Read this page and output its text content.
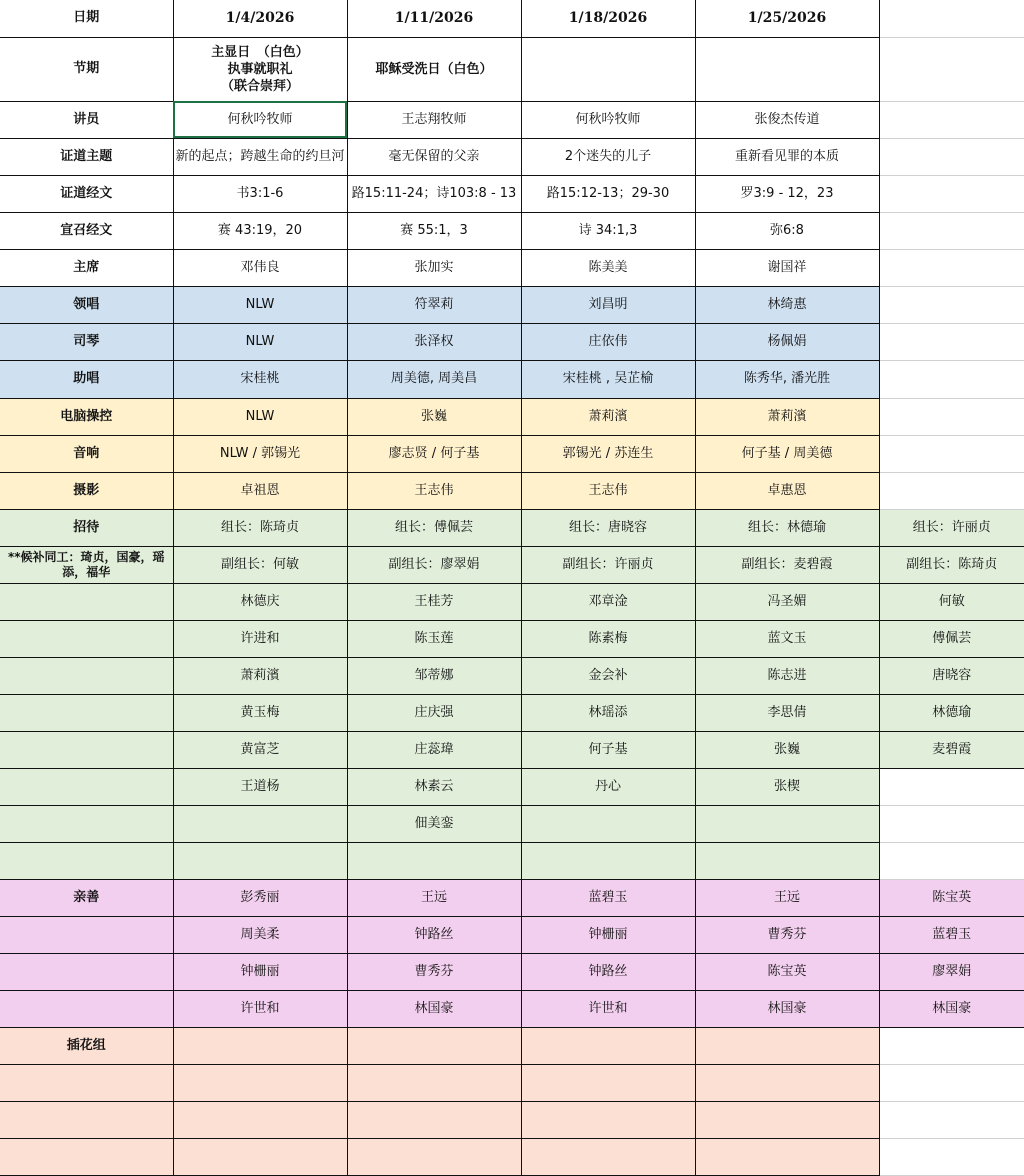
日期	1/4/2026	1/11/2026	1/18/2026	1/25/2026	
节期	主显日　（白色）
执事就职礼
（联合崇拜）	耶稣受洗日（白色）			

讲员	何秋吟牧师	王志翔牧师	何秋吟牧师	张俊杰传道	
证道主题	新的起点；跨越生命的约旦河	毫无保留的父亲	2个迷失的儿子	重新看见罪的本质	
证道经文	书3:1-6	路15:11-24；诗103:8 - 13	路15:12-13；29-30	罗3:9 - 12，23	
宣召经文	赛 43:19，20	赛 55:1，3	诗 34:1,3	弥6:8	
主席	邓伟良	张加实	陈美美	谢国祥	
领唱	NLW	符翠莉	刘昌明	林绮惠	
司琴	NLW	张泽权	庄依伟	杨佩娟	
助唱	宋桂桃	周美德, 周美昌	宋桂桃 , 吴芷榆	陈秀华, 潘光胜	
电脑操控	NLW	张巍	萧莉濱	萧莉濱	
音响	NLW / 郭锡光	廖志贤 / 何子基	郭锡光 / 苏连生	何子基 / 周美德	
摄影	卓祖恩	王志伟	王志伟	卓惠恩	
招待	组长：陈琦贞	组长：傅佩芸	组长：唐晓容	组长：林德瑜	组长：许丽贞
**候补同工：琦贞，国豪，瑶添，福华	副组长：何敏	副组长：廖翠娟	副组长：许丽贞	副组长：麦碧霞	副组长：陈琦贞
	林德庆	王桂芳	邓章淦	冯圣媚	何敏
	许进和	陈玉莲	陈素梅	蓝文玉	傅佩芸
	萧莉濱	邹蒂娜	金会补	陈志进	唐晓容
	黄玉梅	庄庆强	林瑶添	李思倩	林德瑜
	黄富芝	庄蕊瑋	何子基	张巍	麦碧霞
	王道杨	林素云	丹心	张楔	
		佃美銮			

亲善	彭秀丽	王远	蓝碧玉	王远	陈宝英
	周美柔	钟路丝	钟栅丽	曹秀芬	蓝碧玉
	钟栅丽	曹秀芬	钟路丝	陈宝英	廖翠娟
	许世和	林国豪	许世和	林国豪	林国豪
插花组					
